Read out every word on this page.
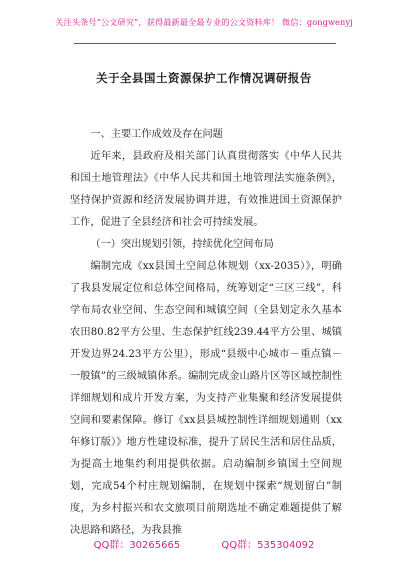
关注头条号“公文研究”，获得最新最全最专业的公文资料库！ 微信：gongwenyj
关于全县国土资源保护工作情况调研报告

一、主要工作成效及存在问题

近年来，县政府及相关部门认真贯彻落实《中华人民共和国土地管理法》《中华人民共和国土地管理法实施条例》，坚持保护资源和经济发展协调并进，有效推进国土资源保护工作，促进了全县经济和社会可持续发展。

（一）突出规划引领，持续优化空间布局

编制完成《xx县国土空间总体规划（xx-2035）》，明确了我县发展定位和总体空间格局，统筹划定“三区三线”，科学布局农业空间、生态空间和城镇空间（全县划定永久基本农田80.82平方公里、生态保护红线239.44平方公里、城镇开发边界24.23平方公里），形成“县级中心城市－重点镇－一般镇”的三级城镇体系。编制完成金山路片区等区域控制性详细规划和成片开发方案，为支持产业集聚和经济发展提供空间和要素保障。修订《xx县县城控制性详细规划通则（xx年修订版）》地方性建设标准，提升了居民生活和居住品质，为提高土地集约利用提供依据。启动编制乡镇国土空间规划，完成54个村庄规划编制，在规划中探索“规划留白”制度，为乡村振兴和农文旅项目前期选址不确定难题提供了解决思路和路径，为我县推

QQ群：30265665	QQ群：535304092
